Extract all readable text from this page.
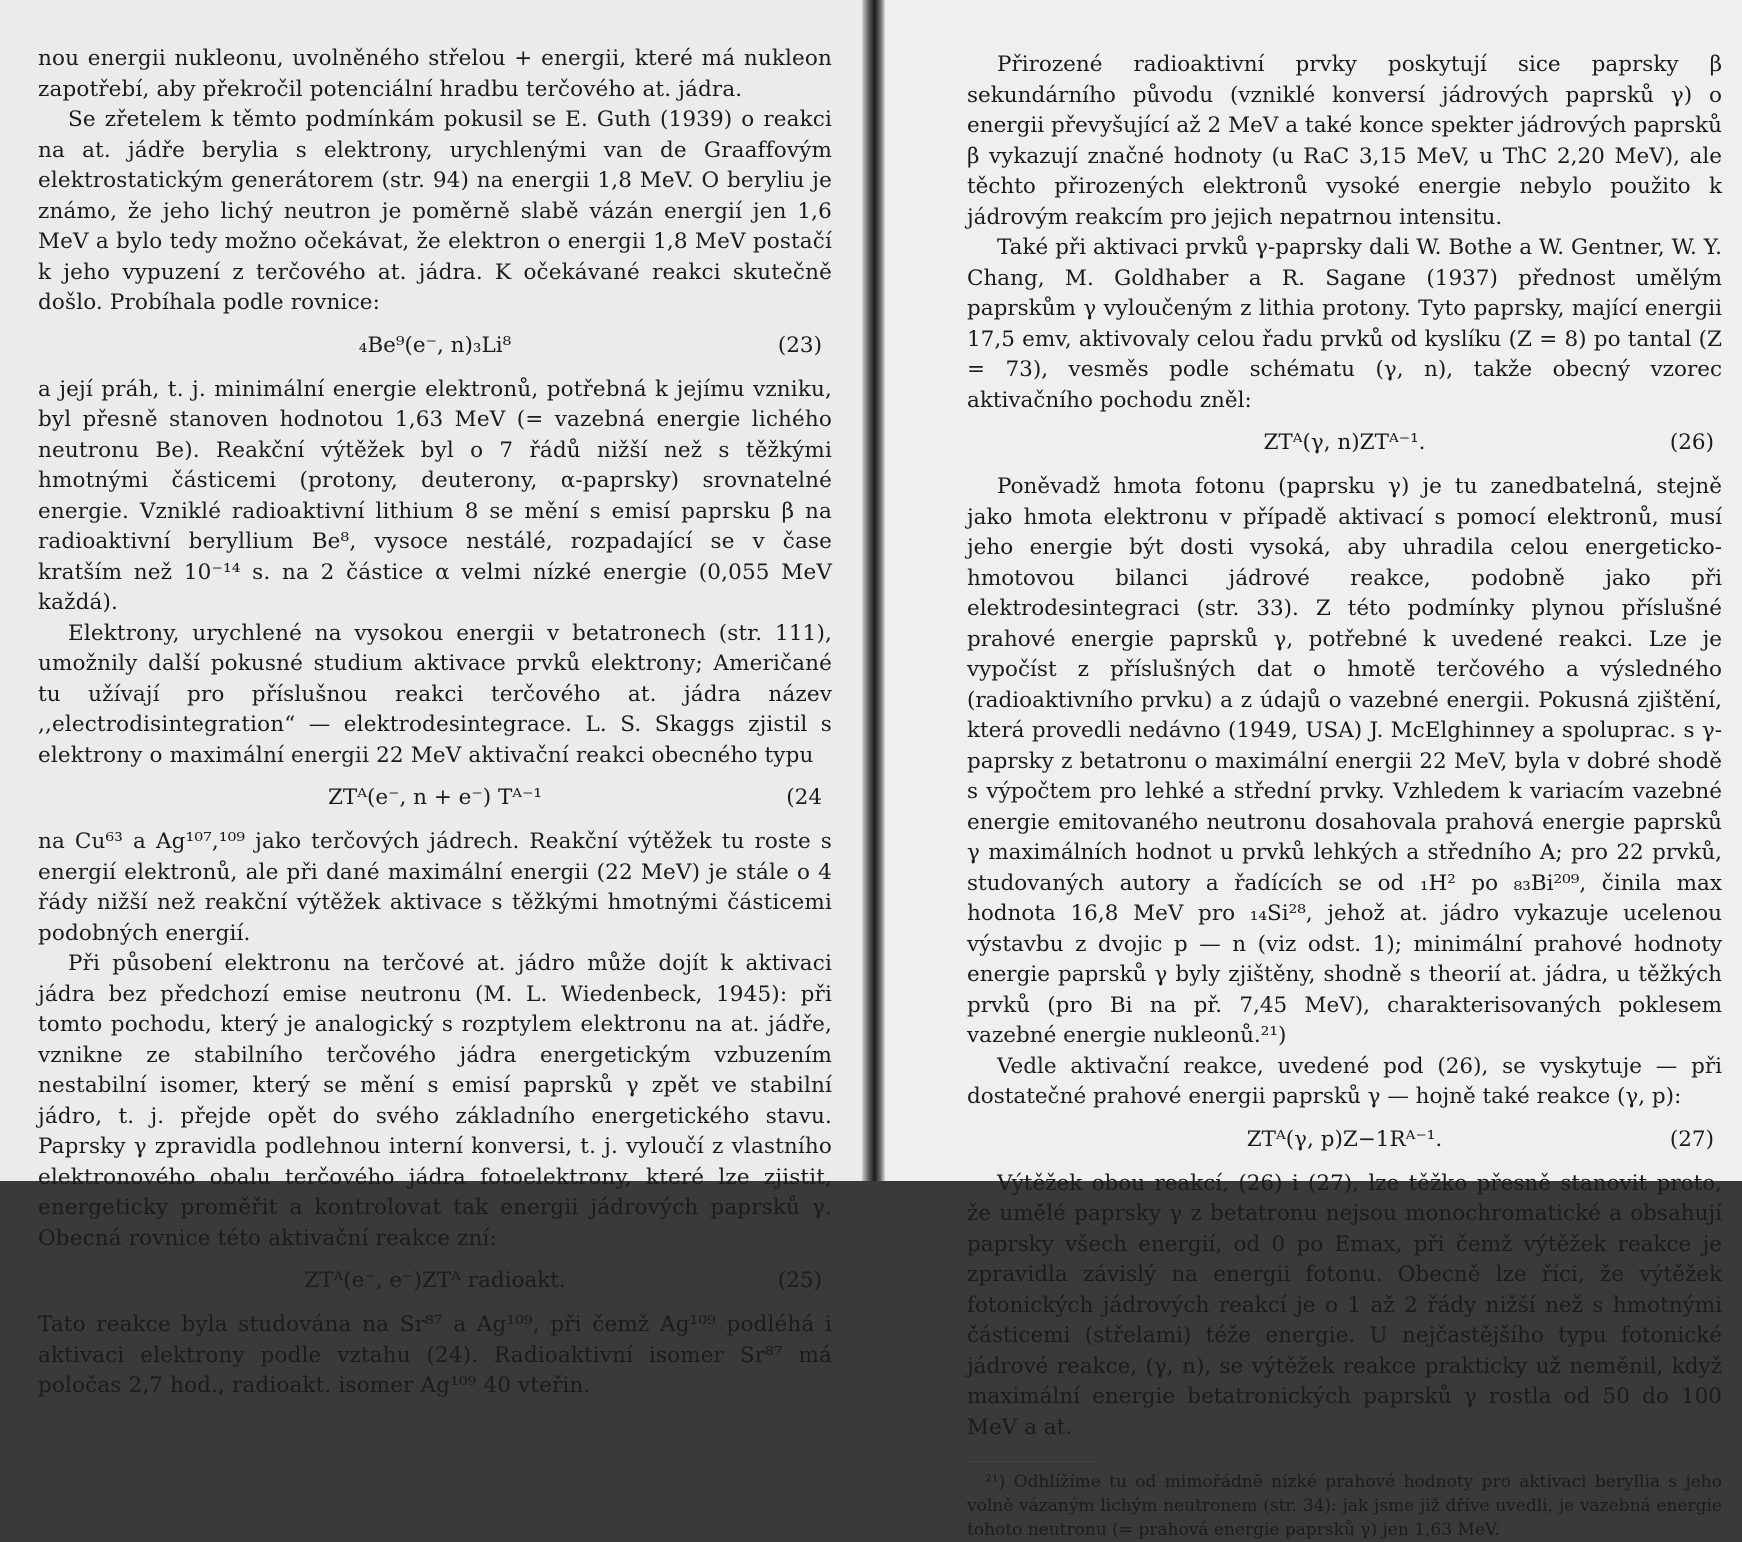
nou energii nukleonu, uvolněného střelou + energii, které má nukleon zapotřebí, aby překročil potenciální hradbu terčového at. jádra.

Se zřetelem k těmto podmínkám pokusil se E. Guth (1939) o reakci na at. jádře berylia s elektrony, urychlenými van de Graaffovým elektrostatickým generátorem (str. 94) na energii 1,8 MeV. O beryliu je známo, že jeho lichý neutron je poměrně slabě vázán energií jen 1,6 MeV a bylo tedy možno očekávat, že elektron o energii 1,8 MeV postačí k jeho vypuzení z terčového at. jádra. K očekávané reakci skutečně došlo. Probíhala podle rovnice:

₄Be⁹(e⁻, n)₃Li⁸	(23)

a její práh, t. j. minimální energie elektronů, potřebná k jejímu vzniku, byl přesně stanoven hodnotou 1,63 MeV (= vazebná energie lichého neutronu Be). Reakční výtěžek byl o 7 řádů nižší než s těžkými hmotnými částicemi (protony, deuterony, α-paprsky) srovnatelné energie. Vzniklé radioaktivní lithium 8 se mění s emisí paprsku β na radioaktivní beryllium Be⁸, vysoce nestálé, rozpadající se v čase kratším než 10⁻¹⁴ s. na 2 částice α velmi nízké energie (0,055 MeV každá).

Elektrony, urychlené na vysokou energii v betatronech (str. 111), umožnily další pokusné studium aktivace prvků elektrony; Američané tu užívají pro příslušnou reakci terčového at. jádra název ,,electrodisintegration“ — elektrodesintegrace. L. S. Skaggs zjistil s elektrony o maximální energii 22 MeV aktivační reakci obecného typu

ZTᴬ(e⁻, n + e⁻) Tᴬ⁻¹	(24

na Cu⁶³ a Ag¹⁰⁷,¹⁰⁹ jako terčových jádrech. Reakční výtěžek tu roste s energií elektronů, ale při dané maximální energii (22 MeV) je stále o 4 řády nižší než reakční výtěžek aktivace s těžkými hmotnými částicemi podobných energií.

Při působení elektronu na terčové at. jádro může dojít k aktivaci jádra bez předchozí emise neutronu (M. L. Wiedenbeck, 1945): při tomto pochodu, který je analogický s rozptylem elektronu na at. jádře, vznikne ze stabilního terčového jádra energetickým vzbuzením nestabilní isomer, který se mění s emisí paprsků γ zpět ve stabilní jádro, t. j. přejde opět do svého základního energetického stavu. Paprsky γ zpravidla podlehnou interní konversi, t. j. vyloučí z vlastního elektronového obalu terčového jádra fotoelektrony, které lze zjistit, energeticky proměřit a kontrolovat tak energii jádrových paprsků γ. Obecná rovnice této aktivační reakce zní:

ZTᴬ(e⁻, e⁻)ZTᴬ radioakt.	(25)

Tato reakce byla studována na Sr⁸⁷ a Ag¹⁰⁹, při čemž Ag¹⁰⁹ podléhá i aktivaci elektrony podle vztahu (24). Radioaktivní isomer Sr⁸⁷ má poločas 2,7 hod., radioakt. isomer Ag¹⁰⁹ 40 vteřin.

Přirozené radioaktivní prvky poskytují sice paprsky β sekundárního původu (vzniklé konversí jádrových paprsků γ) o energii převyšující až 2 MeV a také konce spekter jádrových paprsků β vykazují značné hodnoty (u RaC 3,15 MeV, u ThC 2,20 MeV), ale těchto přirozených elektronů vysoké energie nebylo použito k jádrovým reakcím pro jejich nepatrnou intensitu.

Také při aktivaci prvků γ-paprsky dali W. Bothe a W. Gentner, W. Y. Chang, M. Goldhaber a R. Sagane (1937) přednost umělým paprskům γ vyloučeným z lithia protony. Tyto paprsky, mající energii 17,5 emv, aktivovaly celou řadu prvků od kyslíku (Z = 8) po tantal (Z = 73), vesměs podle schématu (γ, n), takže obecný vzorec aktivačního pochodu zněl:

ZTᴬ(γ, n)ZTᴬ⁻¹.	(26)

Poněvadž hmota fotonu (paprsku γ) je tu zanedbatelná, stejně jako hmota elektronu v případě aktivací s pomocí elektronů, musí jeho energie být dosti vysoká, aby uhradila celou energeticko-hmotovou bilanci jádrové reakce, podobně jako při elektrodesintegraci (str. 33). Z této podmínky plynou příslušné prahové energie paprsků γ, potřebné k uvedené reakci. Lze je vypočíst z příslušných dat o hmotě terčového a výsledného (radioaktivního prvku) a z údajů o vazebné energii. Pokusná zjištění, která provedli nedávno (1949, USA) J. McElghinney a spoluprac. s γ-paprsky z betatronu o maximální energii 22 MeV, byla v dobré shodě s výpočtem pro lehké a střední prvky. Vzhledem k variacím vazebné energie emitovaného neutronu dosahovala prahová energie paprsků γ maximálních hodnot u prvků lehkých a středního A; pro 22 prvků, studovaných autory a řadících se od ₁H² po ₈₃Bi²⁰⁹, činila max hodnota 16,8 MeV pro ₁₄Si²⁸, jehož at. jádro vykazuje ucelenou výstavbu z dvojic p — n (viz odst. 1); minimální prahové hodnoty energie paprsků γ byly zjištěny, shodně s theorií at. jádra, u těžkých prvků (pro Bi na př. 7,45 MeV), charakterisovaných poklesem vazebné energie nukleonů.²¹)

Vedle aktivační reakce, uvedené pod (26), se vyskytuje — při dostatečné prahové energii paprsků γ — hojně také reakce (γ, p):

ZTᴬ(γ, p)Z−1Rᴬ⁻¹.	(27)

Výtěžek obou reakcí, (26) i (27), lze těžko přesně stanovit proto, že umělé paprsky γ z betatronu nejsou monochromatické a obsahují paprsky všech energií, od 0 po Emax, při čemž výtěžek reakce je zpravidla závislý na energii fotonu. Obecně lze říci, že výtěžek fotonických jádrových reakcí je o 1 až 2 řády nižší než s hmotnými částicemi (střelami) téže energie. U nejčastějšího typu fotonické jádrové reakce, (γ, n), se výtěžek reakce prakticky už neměnil, když maximální energie betatronických paprsků γ rostla od 50 do 100 MeV a at.

²¹) Odhlížíme tu od mimořádně nízké prahové hodnoty pro aktivaci beryllia s jeho volně vázaným lichým neutronem (str. 34): jak jsme již dříve uvedli, je vazebná energie tohoto neutronu (= prahová energie paprsků γ) jen 1,63 MeV.
